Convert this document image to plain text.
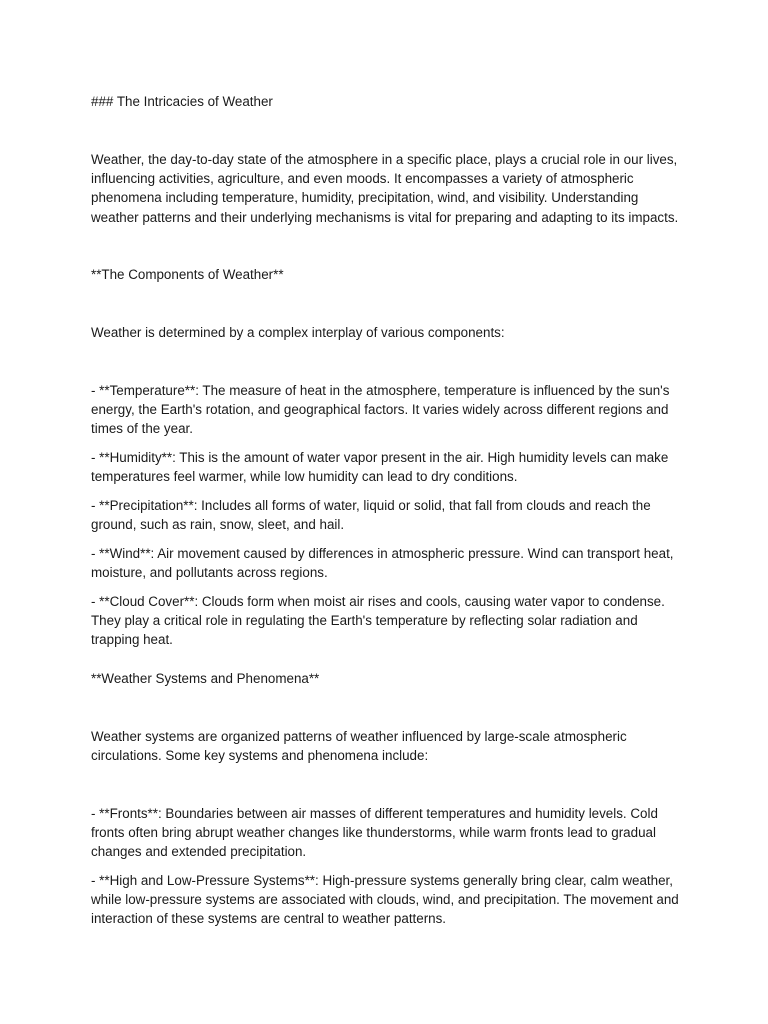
### The Intricacies of Weather

Weather, the day-to-day state of the atmosphere in a specific place, plays a crucial role in our lives, influencing activities, agriculture, and even moods. It encompasses a variety of atmospheric phenomena including temperature, humidity, precipitation, wind, and visibility. Understanding weather patterns and their underlying mechanisms is vital for preparing and adapting to its impacts.

**The Components of Weather**

Weather is determined by a complex interplay of various components:

- **Temperature**: The measure of heat in the atmosphere, temperature is influenced by the sun's energy, the Earth's rotation, and geographical factors. It varies widely across different regions and times of the year.

- **Humidity**: This is the amount of water vapor present in the air. High humidity levels can make temperatures feel warmer, while low humidity can lead to dry conditions.

- **Precipitation**: Includes all forms of water, liquid or solid, that fall from clouds and reach the ground, such as rain, snow, sleet, and hail.

- **Wind**: Air movement caused by differences in atmospheric pressure. Wind can transport heat, moisture, and pollutants across regions.

- **Cloud Cover**: Clouds form when moist air rises and cools, causing water vapor to condense. They play a critical role in regulating the Earth's temperature by reflecting solar radiation and trapping heat.

**Weather Systems and Phenomena**

Weather systems are organized patterns of weather influenced by large-scale atmospheric circulations. Some key systems and phenomena include:

- **Fronts**: Boundaries between air masses of different temperatures and humidity levels. Cold fronts often bring abrupt weather changes like thunderstorms, while warm fronts lead to gradual changes and extended precipitation.

- **High and Low-Pressure Systems**: High-pressure systems generally bring clear, calm weather, while low-pressure systems are associated with clouds, wind, and precipitation. The movement and interaction of these systems are central to weather patterns.
